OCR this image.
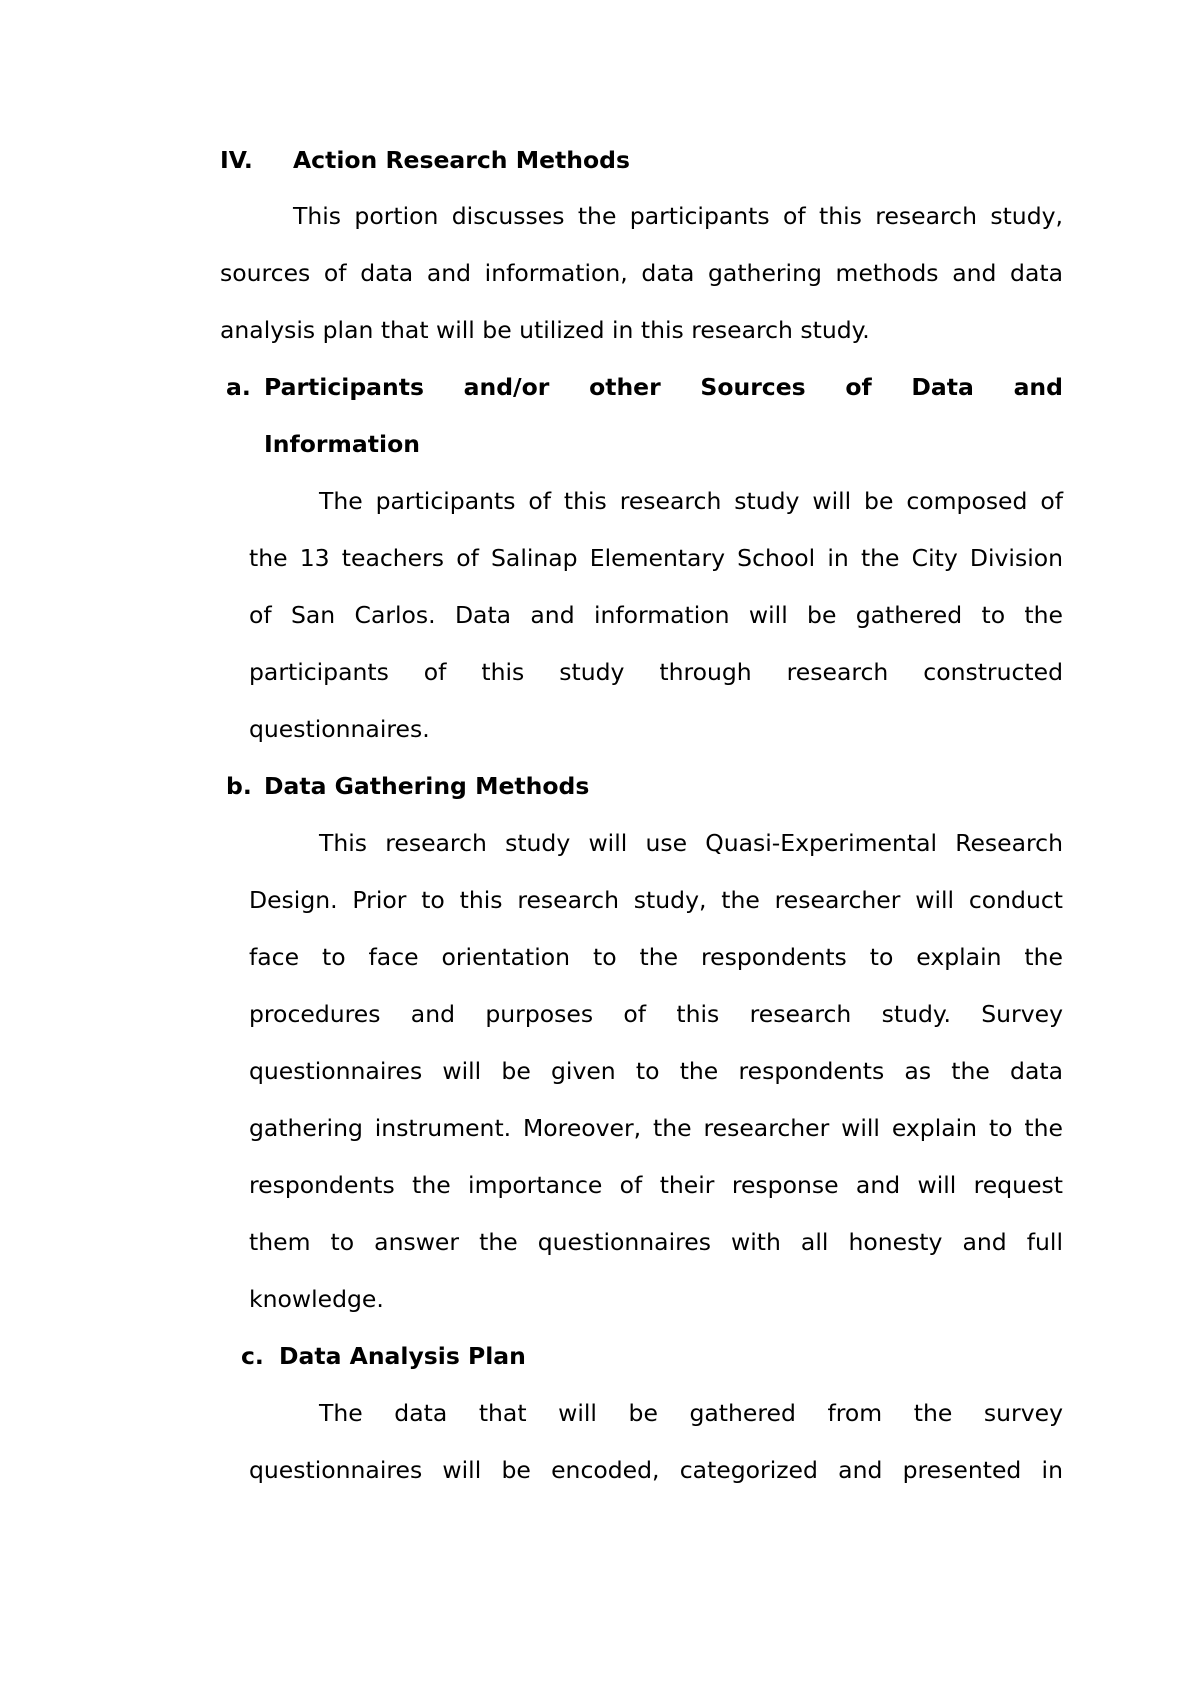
IV. Action Research Methods
This portion discusses the participants of this research study,
sources of data and information, data gathering methods and data
analysis plan that will be utilized in this research study.
a. Participants and/or other Sources of Data and
Information
The participants of this research study will be composed of
the 13 teachers of Salinap Elementary School in the City Division
of San Carlos. Data and information will be gathered to the
participants of this study through research constructed
questionnaires.
b. Data Gathering Methods
This research study will use Quasi-Experimental Research
Design. Prior to this research study, the researcher will conduct
face to face orientation to the respondents to explain the
procedures and purposes of this research study. Survey
questionnaires will be given to the respondents as the data
gathering instrument. Moreover, the researcher will explain to the
respondents the importance of their response and will request
them to answer the questionnaires with all honesty and full
knowledge.
c. Data Analysis Plan
The data that will be gathered from the survey
questionnaires will be encoded, categorized and presented in
